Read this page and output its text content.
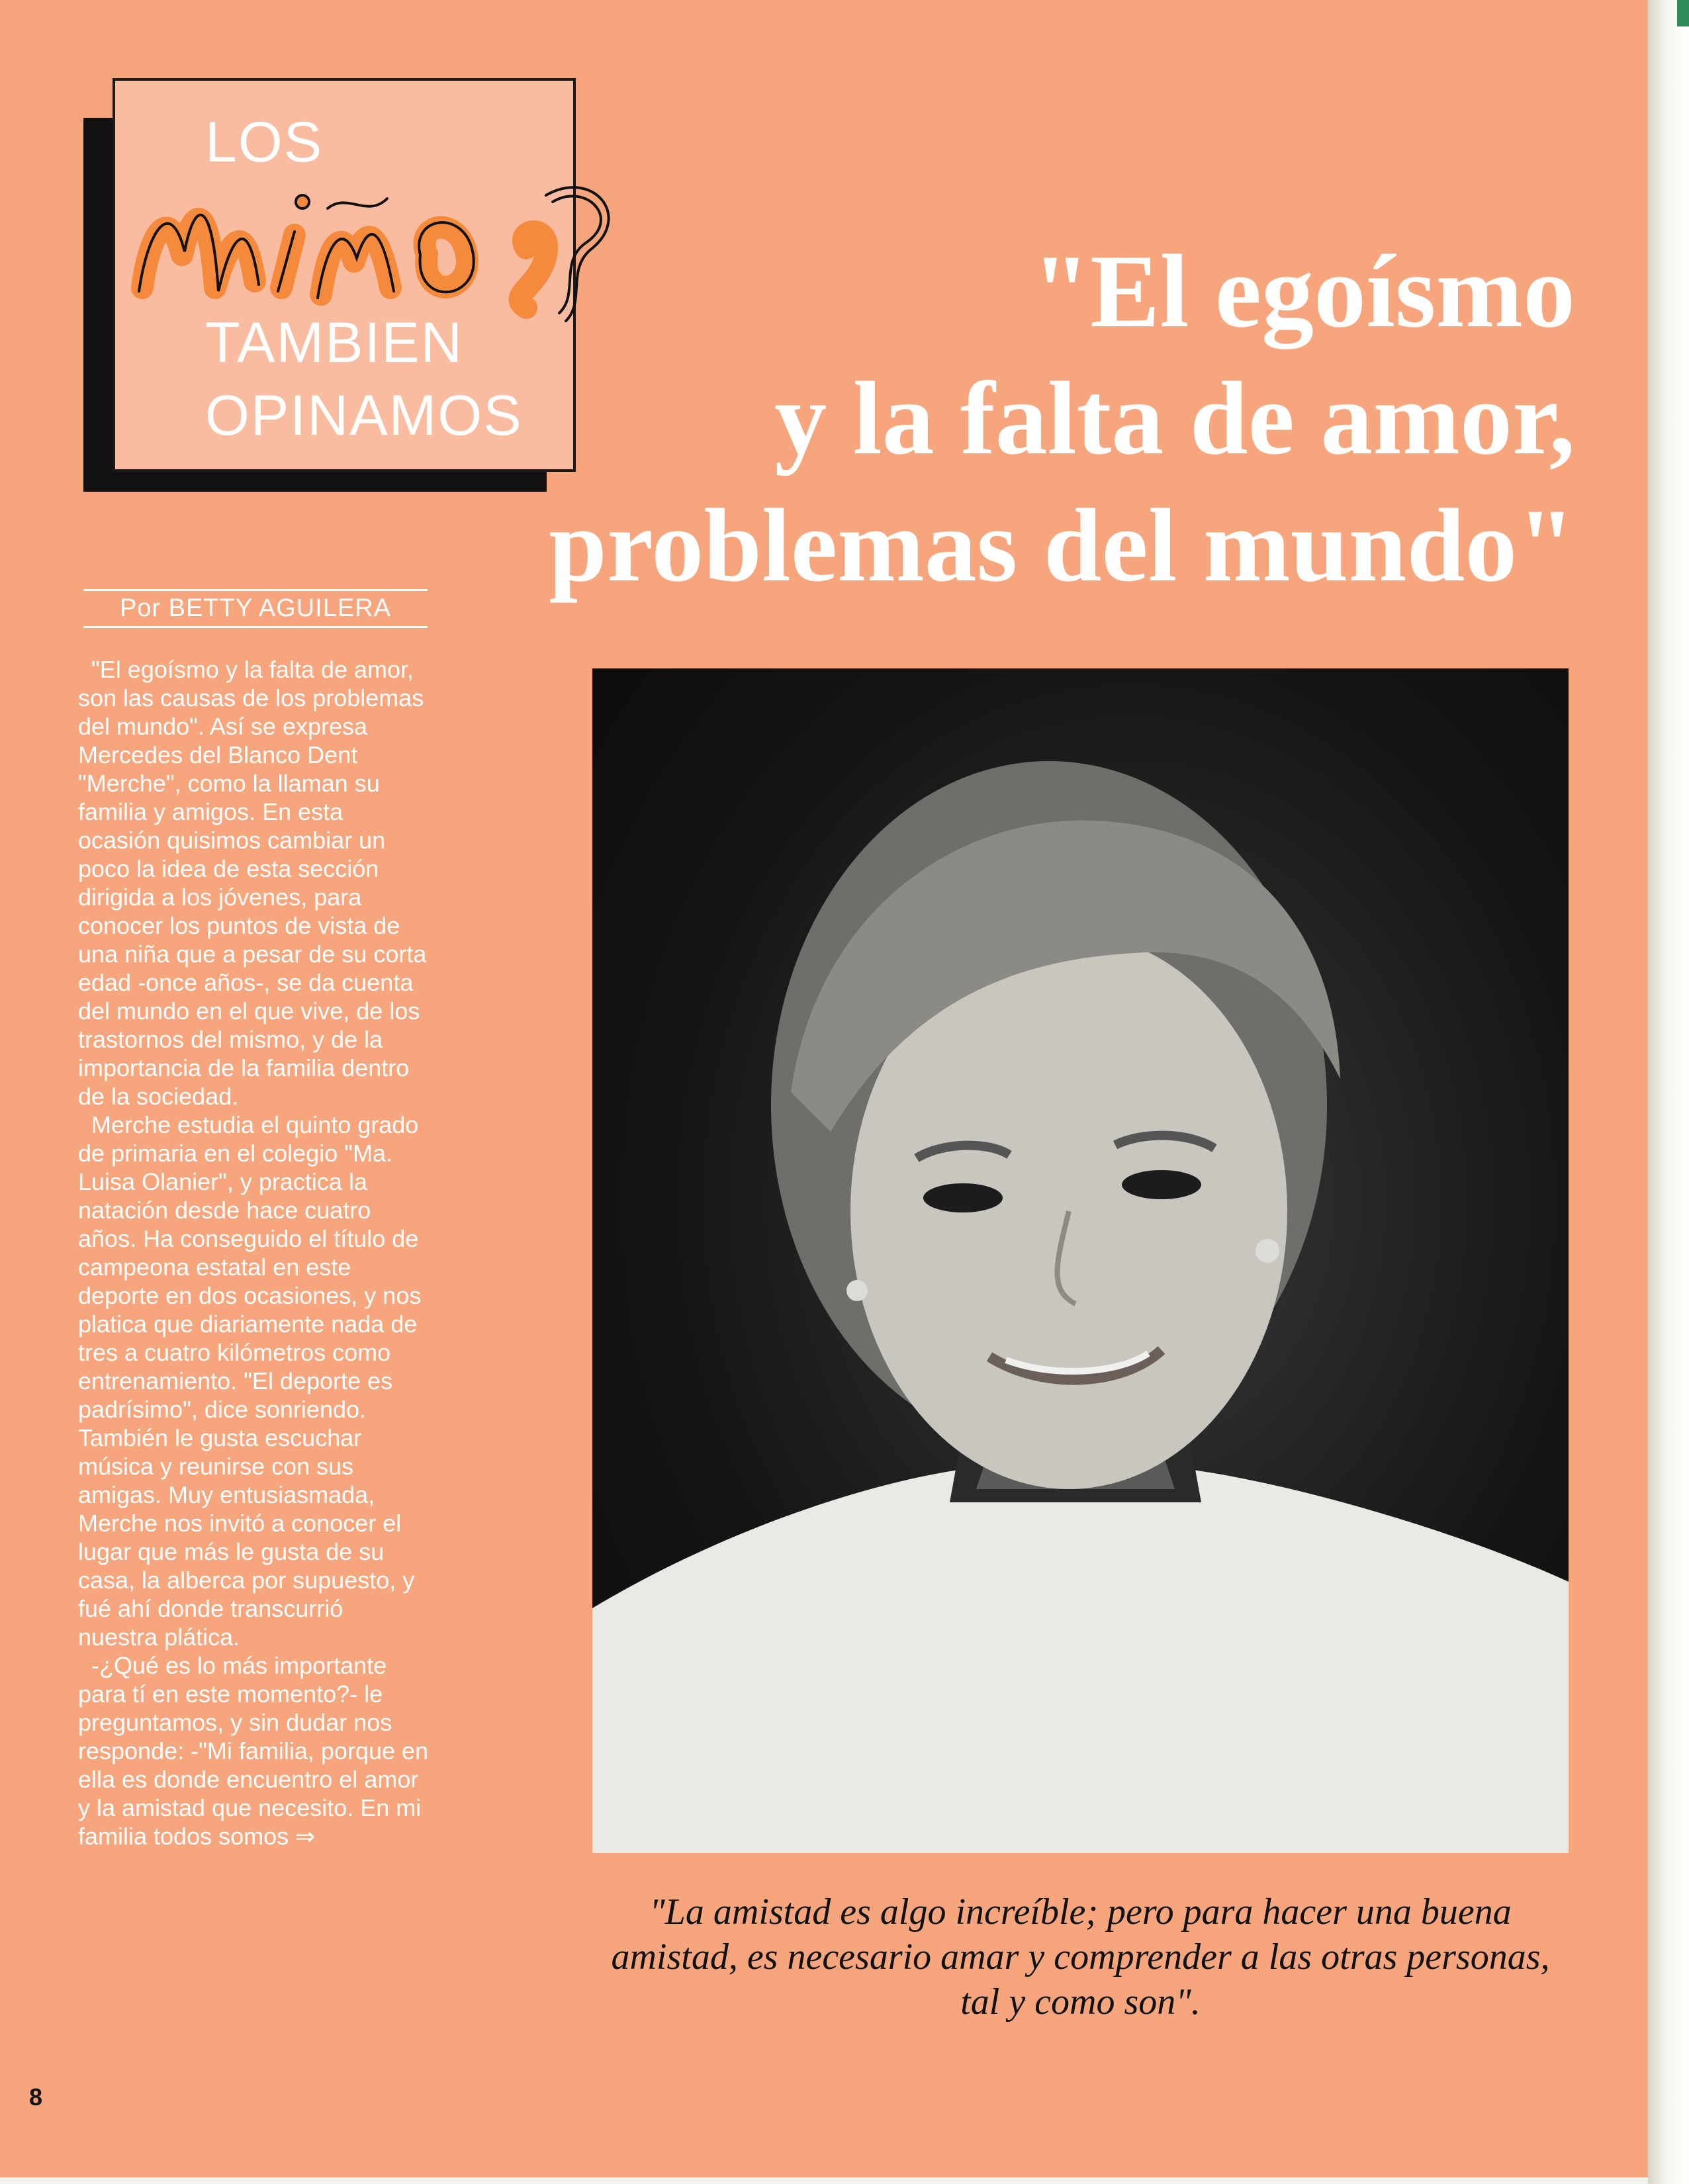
LOS
TAMBIEN
OPINAMOS
"El egoísmo
y la falta de amor,
problemas del mundo"
Por BETTY AGUILERA

"El egoísmo y la falta de amor, son las causas de los problemas del mundo". Así se expresa Mercedes del Blanco Dent "Merche", como la llaman su familia y amigos. En esta ocasión quisimos cambiar un poco la idea de esta sección dirigida a los jóvenes, para conocer los puntos de vista de una niña que a pesar de su corta edad -once años-, se da cuenta del mundo en el que vive, de los trastornos del mismo, y de la importancia de la familia dentro de la sociedad.

Merche estudia el quinto grado de primaria en el colegio "Ma. Luisa Olanier", y practica la natación desde hace cuatro años. Ha conseguido el título de campeona estatal en este deporte en dos ocasiones, y nos platica que diariamente nada de tres a cuatro kilómetros como entrenamiento. "El deporte es padrísimo", dice sonriendo. También le gusta escuchar música y reunirse con sus amigas. Muy entusiasmada, Merche nos invitó a conocer el lugar que más le gusta de su casa, la alberca por supuesto, y fué ahí donde transcurrió nuestra plática.

-¿Qué es lo más importante para tí en este momento?- le preguntamos, y sin dudar nos responde: -"Mi familia, porque en ella es donde encuentro el amor y la amistad que necesito. En mi familia todos somos ⇒

"La amistad es algo increíble; pero para hacer una buena amistad, es necesario amar y comprender a las otras personas, tal y como son".
8
